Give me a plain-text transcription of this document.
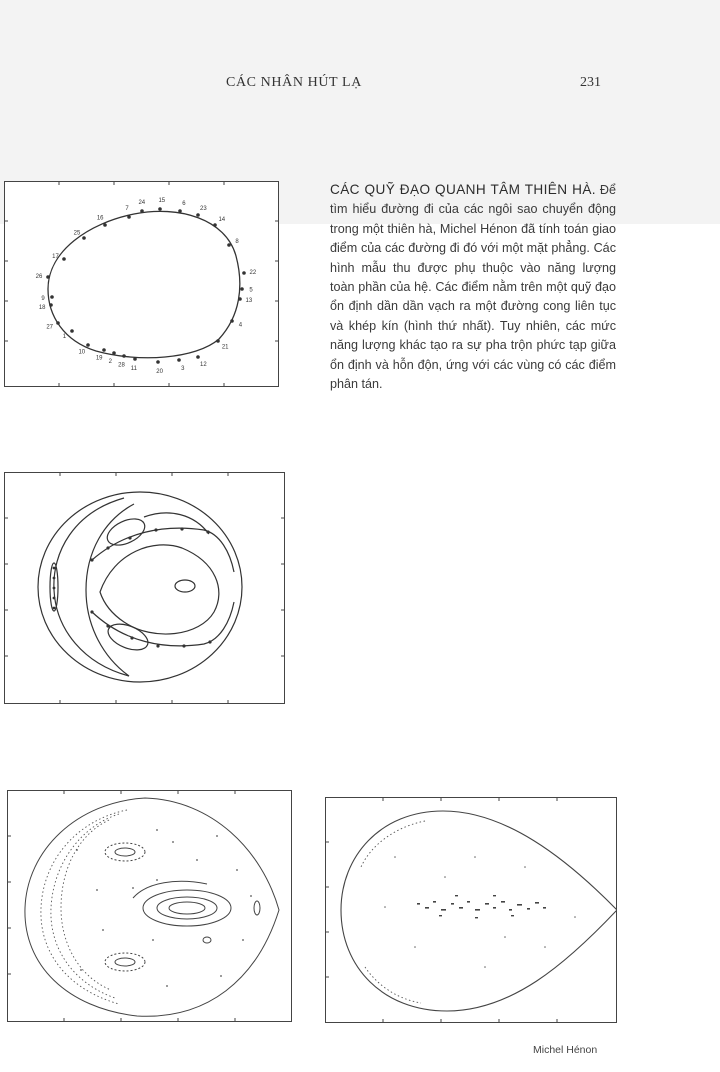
CÁC NHÂN HÚT LẠ	231
1
2
3
4
5
6
7
8
9
10
11
12
13
14
15
16
17
18
19
20
21
22
23
24
25
26
27
28
CÁC QUỸ ĐẠO QUANH TÂM THIÊN HÀ. Để tìm hiểu đường đi của các ngôi sao chuyển động trong một thiên hà, Michel Hénon đã tính toán giao điểm của các đường đi đó với một mặt phẳng. Các hình mẫu thu được phụ thuộc vào năng lượng toàn phần của hệ. Các điểm nằm trên một quỹ đạo ổn định dần dần vạch ra một đường cong liên tục và khép kín (hình thứ nhất). Tuy nhiên, các mức năng lượng khác tạo ra sự pha trộn phức tạp giữa ổn định và hỗn độn, ứng với các vùng có các điểm phân tán.
Michel Hénon
